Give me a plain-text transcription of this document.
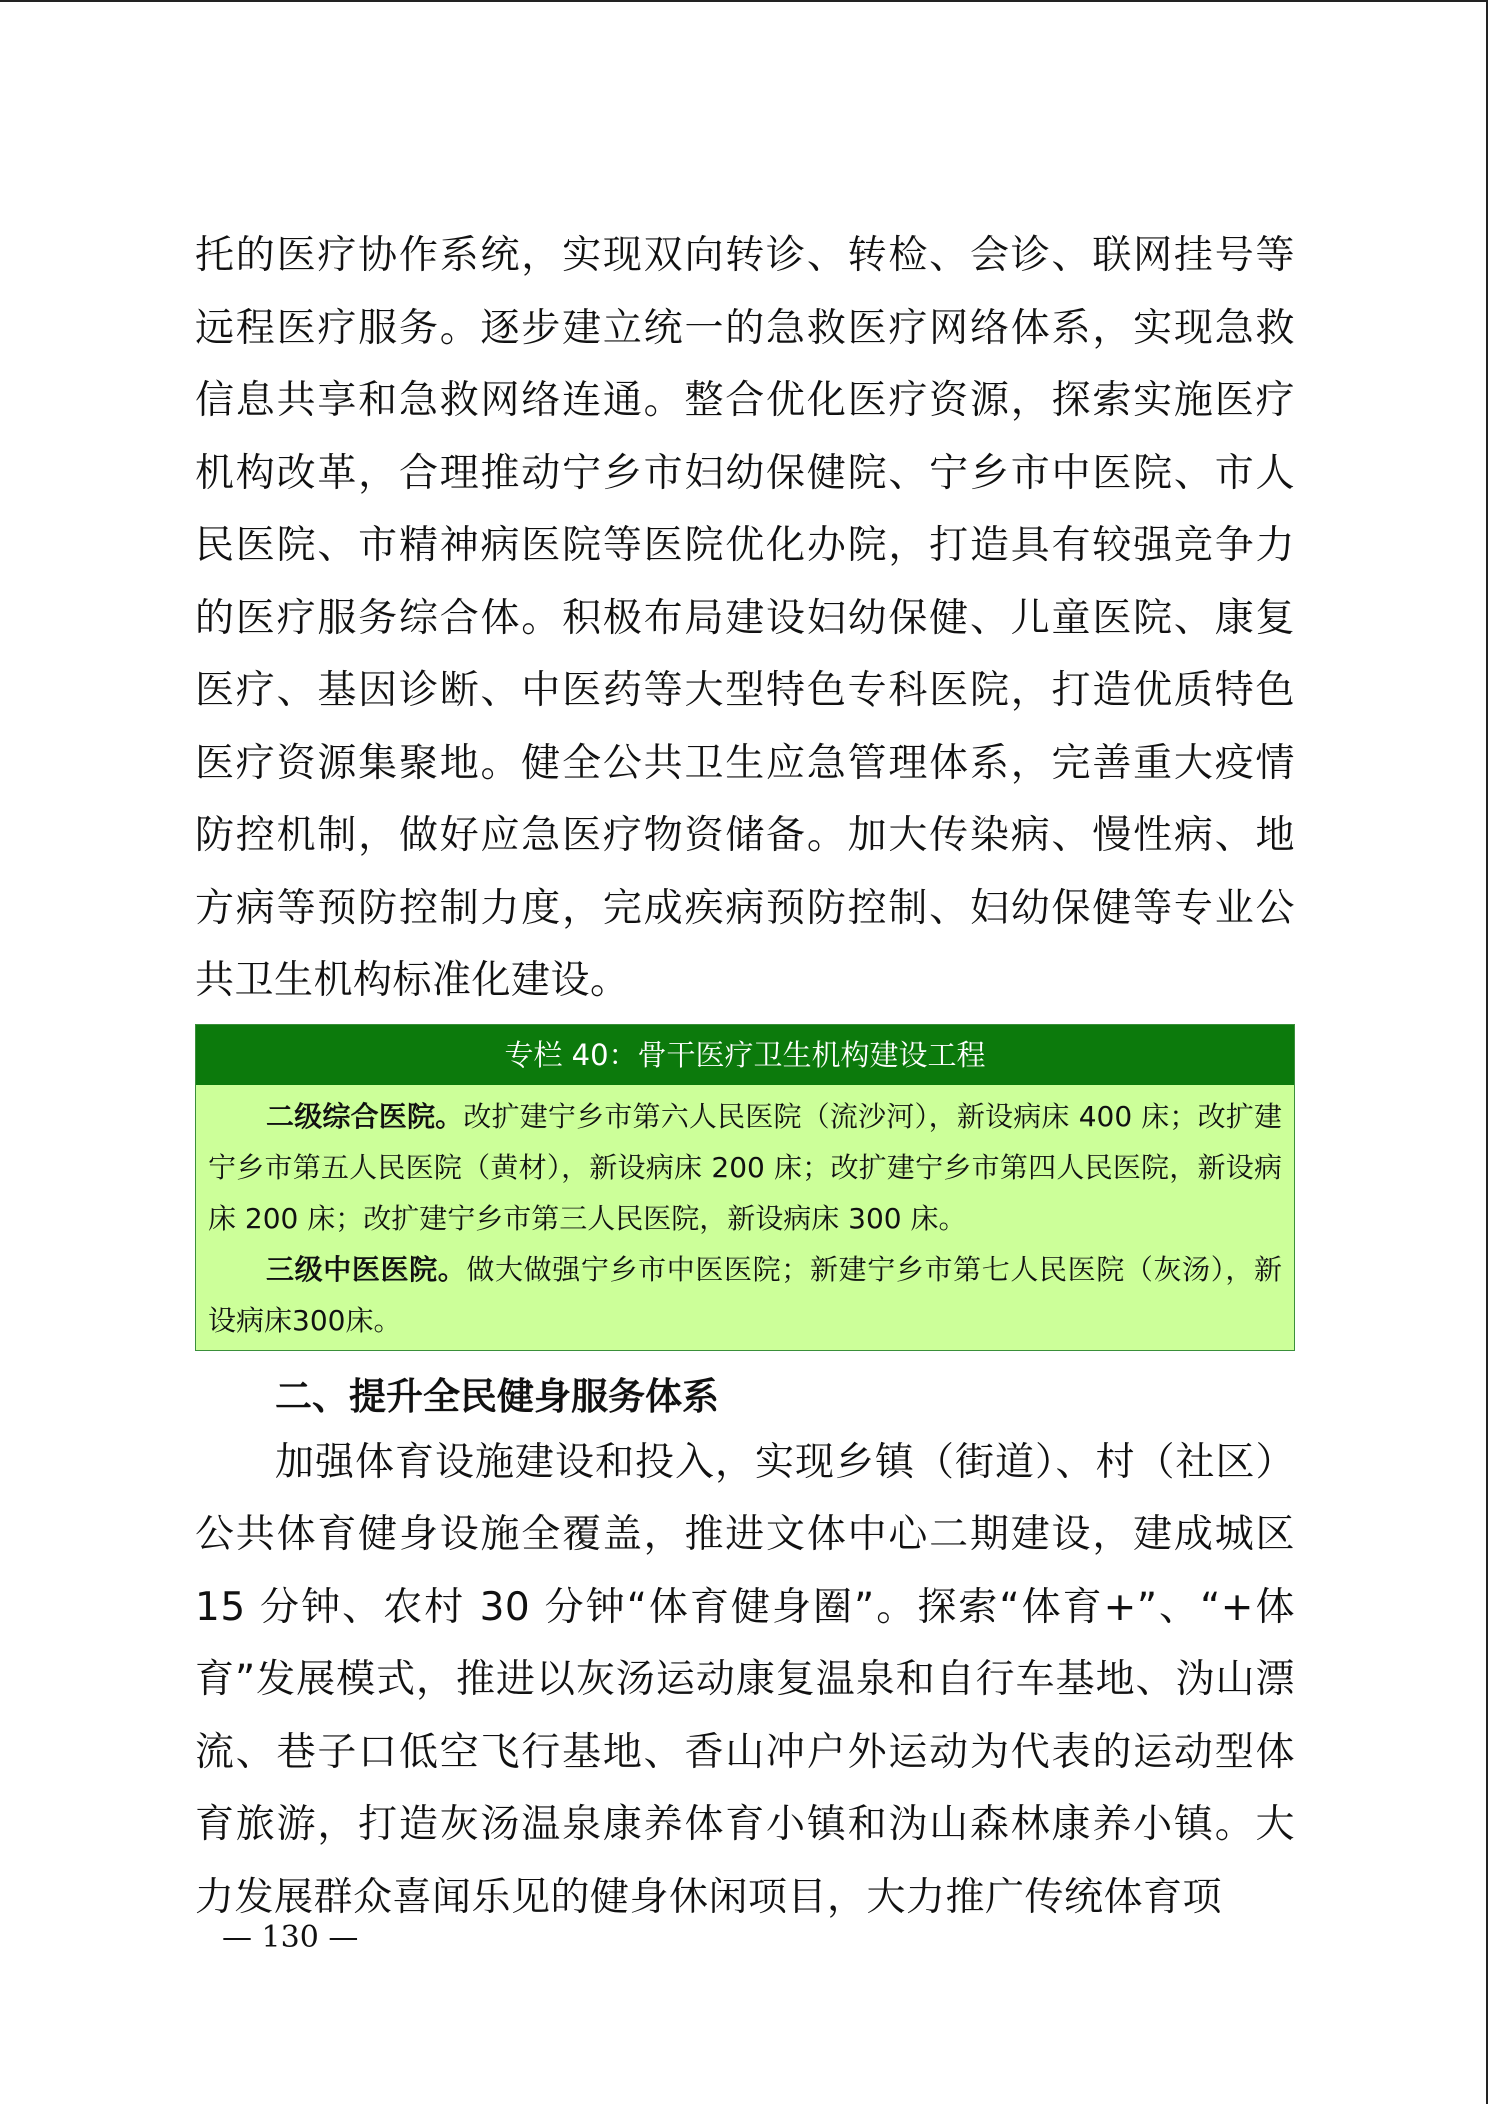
托的医疗协作系统，实现双向转诊、转检、会诊、联网挂号等远程医疗服务。逐步建立统一的急救医疗网络体系，实现急救信息共享和急救网络连通。整合优化医疗资源，探索实施医疗机构改革，合理推动宁乡市妇幼保健院、宁乡市中医院、市人民医院、市精神病医院等医院优化办院，打造具有较强竞争力的医疗服务综合体。积极布局建设妇幼保健、儿童医院、康复医疗、基因诊断、中医药等大型特色专科医院，打造优质特色医疗资源集聚地。健全公共卫生应急管理体系，完善重大疫情防控机制，做好应急医疗物资储备。加大传染病、慢性病、地方病等预防控制力度，完成疾病预防控制、妇幼保健等专业公共卫生机构标准化建设。

专栏 40：骨干医疗卫生机构建设工程

二级综合医院。改扩建宁乡市第六人民医院（流沙河），新设病床 400 床；改扩建宁乡市第五人民医院（黄材），新设病床 200 床；改扩建宁乡市第四人民医院，新设病床 200 床；改扩建宁乡市第三人民医院，新设病床 300 床。

三级中医医院。做大做强宁乡市中医医院；新建宁乡市第七人民医院（灰汤），新设病床300床。

二、提升全民健身服务体系

加强体育设施建设和投入，实现乡镇（街道）、村（社区）公共体育健身设施全覆盖，推进文体中心二期建设，建成城区 15 分钟、农村 30 分钟“体育健身圈”。探索“体育+”、“+体育”发展模式，推进以灰汤运动康复温泉和自行车基地、沩山漂流、巷子口低空飞行基地、香山冲户外运动为代表的运动型体育旅游，打造灰汤温泉康养体育小镇和沩山森林康养小镇。大力发展群众喜闻乐见的健身休闲项目，大力推广传统体育项

— 130 —
